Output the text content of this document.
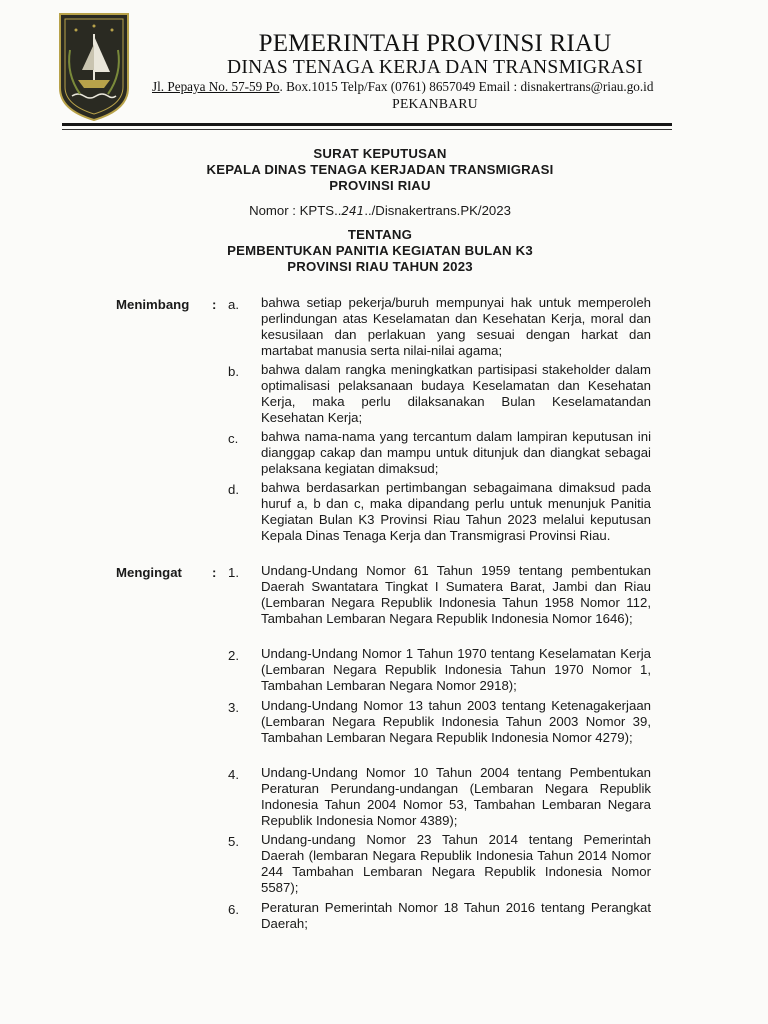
PEMERINTAH PROVINSI RIAU
DINAS TENAGA KERJA DAN TRANSMIGRASI
Jl. Pepaya No. 57-59 Po. Box.1015 Telp/Fax (0761) 8657049 Email : disnakertrans@riau.go.id
PEKANBARU
SURAT KEPUTUSAN
KEPALA DINAS TENAGA KERJADAN TRANSMIGRASI
PROVINSI RIAU
Nomor : KPTS..241../Disnakertrans.PK/2023
TENTANG
PEMBENTUKAN PANITIA KEGIATAN BULAN K3
PROVINSI RIAU TAHUN 2023
Menimbang : a.	bahwa setiap pekerja/buruh mempunyai hak untuk memperoleh perlindungan atas Keselamatan dan Kesehatan Kerja, moral dan kesusilaan dan perlakuan yang sesuai dengan harkat dan martabat manusia serta nilai-nilai agama;
b.	bahwa dalam rangka meningkatkan partisipasi stakeholder dalam optimalisasi pelaksanaan budaya Keselamatan dan Kesehatan Kerja, maka perlu dilaksanakan Bulan Keselamatandan Kesehatan Kerja;
c.	bahwa nama-nama yang tercantum dalam lampiran keputusan ini dianggap cakap dan mampu untuk ditunjuk dan diangkat sebagai pelaksana kegiatan dimaksud;
d.	bahwa berdasarkan pertimbangan sebagaimana dimaksud pada huruf a, b dan c, maka dipandang perlu untuk menunjuk Panitia Kegiatan Bulan K3 Provinsi Riau Tahun 2023 melalui keputusan Kepala Dinas Tenaga Kerja dan Transmigrasi Provinsi Riau.
Mengingat : 1.	Undang-Undang Nomor 61 Tahun 1959 tentang pembentukan Daerah Swantatara Tingkat I Sumatera Barat, Jambi dan Riau (Lembaran Negara Republik Indonesia Tahun 1958 Nomor 112, Tambahan Lembaran Negara Republik Indonesia Nomor 1646);
2.	Undang-Undang Nomor 1 Tahun 1970 tentang Keselamatan Kerja (Lembaran Negara Republik Indonesia Tahun 1970 Nomor 1, Tambahan Lembaran Negara Nomor 2918);
3.	Undang-Undang Nomor 13 tahun 2003 tentang Ketenagakerjaan (Lembaran Negara Republik Indonesia Tahun 2003 Nomor 39, Tambahan Lembaran Negara Republik Indonesia Nomor 4279);
4.	Undang-Undang Nomor 10 Tahun 2004 tentang Pembentukan Peraturan Perundang-undangan (Lembaran Negara Republik Indonesia Tahun 2004 Nomor 53, Tambahan Lembaran Negara Republik Indonesia Nomor 4389);
5.	Undang-undang Nomor 23 Tahun 2014 tentang Pemerintah Daerah (lembaran Negara Republik Indonesia Tahun 2014 Nomor 244 Tambahan Lembaran Negara Republik Indonesia Nomor 5587);
6.	Peraturan Pemerintah Nomor 18 Tahun 2016 tentang Perangkat Daerah;
